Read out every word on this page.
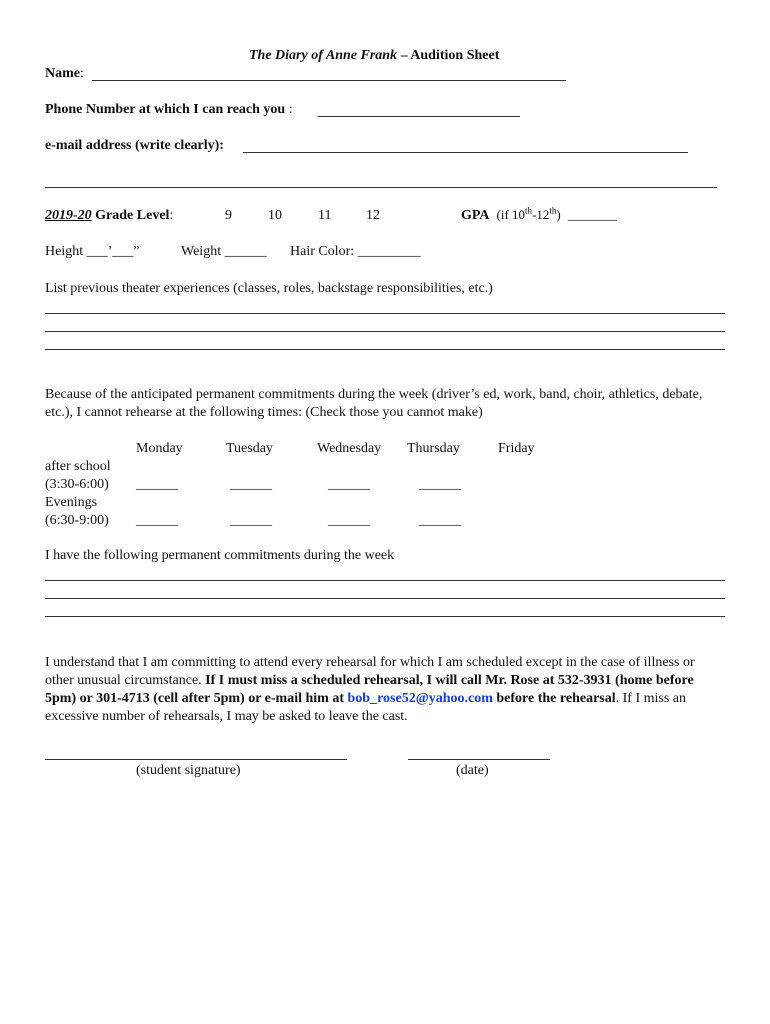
The Diary of Anne Frank – Audition Sheet
Name:
Phone Number at which I can reach you :
e-mail address (write clearly):
2019-20 Grade Level:	9	10	11 12	GPA (if 10th-12th) _______
Height ___’___”	Weight ______ Hair Color: _________
List previous theater experiences (classes, roles, backstage responsibilities, etc.)
Because of the anticipated permanent commitments during the week (driver’s ed, work, band, choir, athletics, debate, etc.), I cannot rehearse at the following times: (Check those you cannot make)
Monday	Tuesday	Wednesday Thursday	Friday
after school
(3:30-6:00) ______	______	______	______
Evenings
(6:30-9:00) ______	______	______	______
I have the following permanent commitments during the week
I understand that I am committing to attend every rehearsal for which I am scheduled except in the case of illness or other unusual circumstance. If I must miss a scheduled rehearsal, I will call Mr. Rose at 532-3931 (home before 5pm) or 301-4713 (cell after 5pm) or e-mail him at bob_rose52@yahoo.com before the rehearsal. If I miss an excessive number of rehearsals, I may be asked to leave the cast.
(student signature)	(date)
